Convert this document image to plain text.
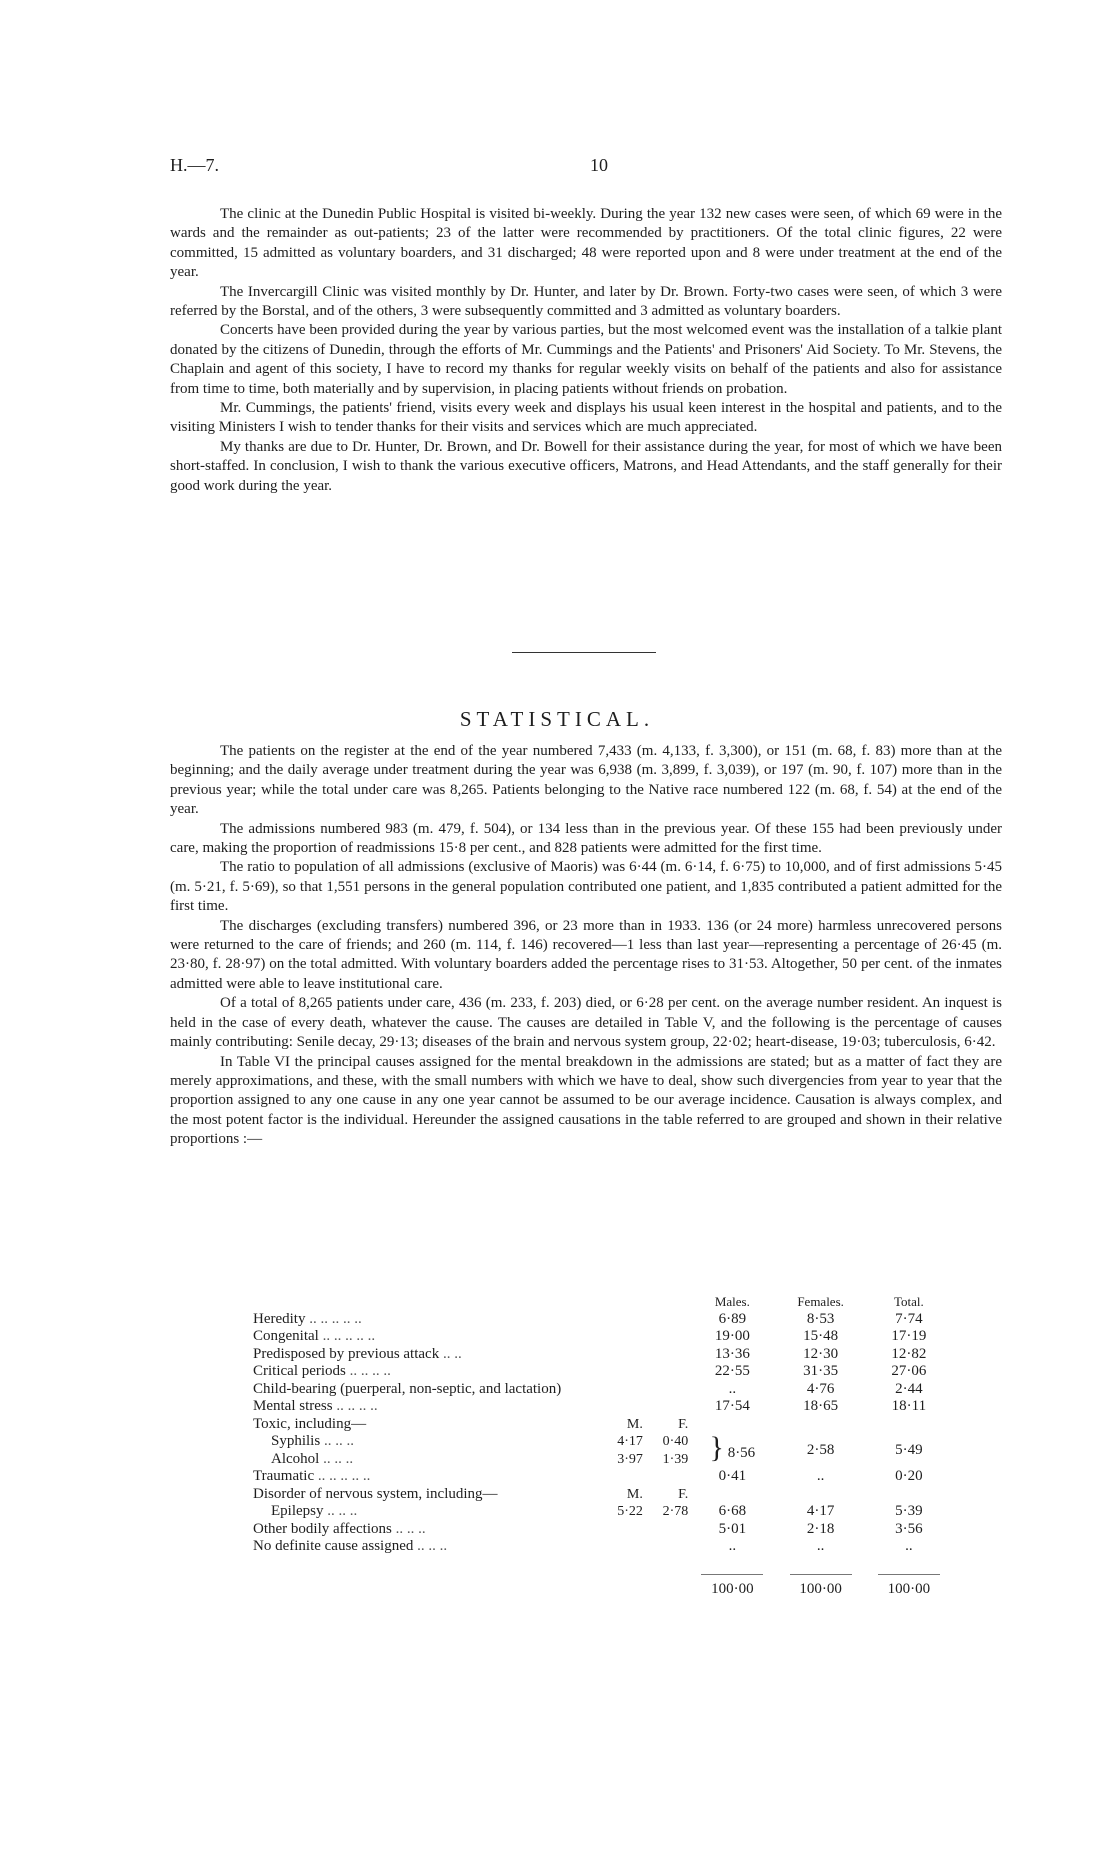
H.—7.	10

The clinic at the Dunedin Public Hospital is visited bi-weekly. During the year 132 new cases were seen, of which 69 were in the wards and the remainder as out-patients; 23 of the latter were recommended by practitioners. Of the total clinic figures, 22 were committed, 15 admitted as voluntary boarders, and 31 discharged; 48 were reported upon and 8 were under treatment at the end of the year.

The Invercargill Clinic was visited monthly by Dr. Hunter, and later by Dr. Brown. Forty-two cases were seen, of which 3 were referred by the Borstal, and of the others, 3 were subsequently committed and 3 admitted as voluntary boarders.

Concerts have been provided during the year by various parties, but the most welcomed event was the installation of a talkie plant donated by the citizens of Dunedin, through the efforts of Mr. Cummings and the Patients' and Prisoners' Aid Society. To Mr. Stevens, the Chaplain and agent of this society, I have to record my thanks for regular weekly visits on behalf of the patients and also for assistance from time to time, both materially and by supervision, in placing patients without friends on probation.

Mr. Cummings, the patients' friend, visits every week and displays his usual keen interest in the hospital and patients, and to the visiting Ministers I wish to tender thanks for their visits and services which are much appreciated.

My thanks are due to Dr. Hunter, Dr. Brown, and Dr. Bowell for their assistance during the year, for most of which we have been short-staffed. In conclusion, I wish to thank the various executive officers, Matrons, and Head Attendants, and the staff generally for their good work during the year.

STATISTICAL.

The patients on the register at the end of the year numbered 7,433 (m. 4,133, f. 3,300), or 151 (m. 68, f. 83) more than at the beginning; and the daily average under treatment during the year was 6,938 (m. 3,899, f. 3,039), or 197 (m. 90, f. 107) more than in the previous year; while the total under care was 8,265. Patients belonging to the Native race numbered 122 (m. 68, f. 54) at the end of the year.

The admissions numbered 983 (m. 479, f. 504), or 134 less than in the previous year. Of these 155 had been previously under care, making the proportion of readmissions 15·8 per cent., and 828 patients were admitted for the first time.

The ratio to population of all admissions (exclusive of Maoris) was 6·44 (m. 6·14, f. 6·75) to 10,000, and of first admissions 5·45 (m. 5·21, f. 5·69), so that 1,551 persons in the general population contributed one patient, and 1,835 contributed a patient admitted for the first time.

The discharges (excluding transfers) numbered 396, or 23 more than in 1933. 136 (or 24 more) harmless unrecovered persons were returned to the care of friends; and 260 (m. 114, f. 146) recovered—1 less than last year—representing a percentage of 26·45 (m. 23·80, f. 28·97) on the total admitted. With voluntary boarders added the percentage rises to 31·53. Altogether, 50 per cent. of the inmates admitted were able to leave institutional care.

Of a total of 8,265 patients under care, 436 (m. 233, f. 203) died, or 6·28 per cent. on the average number resident. An inquest is held in the case of every death, whatever the cause. The causes are detailed in Table V, and the following is the percentage of causes mainly contributing: Senile decay, 29·13; diseases of the brain and nervous system group, 22·02; heart-disease, 19·03; tuberculosis, 6·42.

In Table VI the principal causes assigned for the mental breakdown in the admissions are stated; but as a matter of fact they are merely approximations, and these, with the small numbers with which we have to deal, show such divergencies from year to year that the proportion assigned to any one cause in any one year cannot be assumed to be our average incidence. Causation is always complex, and the most potent factor is the individual. Hereunder the assigned causations in the table referred to are grouped and shown in their relative proportions :—

			Males.	Females.	Total.
Heredity .. .. .. .. ..			6·89	8·53	7·74
Congenital .. .. .. .. ..			19·00	15·48	17·19
Predisposed by previous attack .. ..			13·36	12·30	12·82
Critical periods .. .. .. ..			22·55	31·35	27·06
Child-bearing (puerperal, non-septic, and lactation)			..	4·76	2·44
Mental stress .. .. .. ..			17·54	18·65	18·11
Toxic, including—	M.	F.			
Syphilis .. .. ..	4·17	0·40	} 8·56	2·58	5·49
Alcohol .. .. ..	3·97	1·39			
Traumatic .. .. .. .. ..			0·41	..	0·20
Disorder of nervous system, including—	M.	F.			
Epilepsy .. .. ..	5·22	2·78	6·68	4·17	5·39
Other bodily affections .. .. ..			5·01	2·18	3·56
No definite cause assigned .. .. ..			..	..	..
			100·00	100·00	100·00
